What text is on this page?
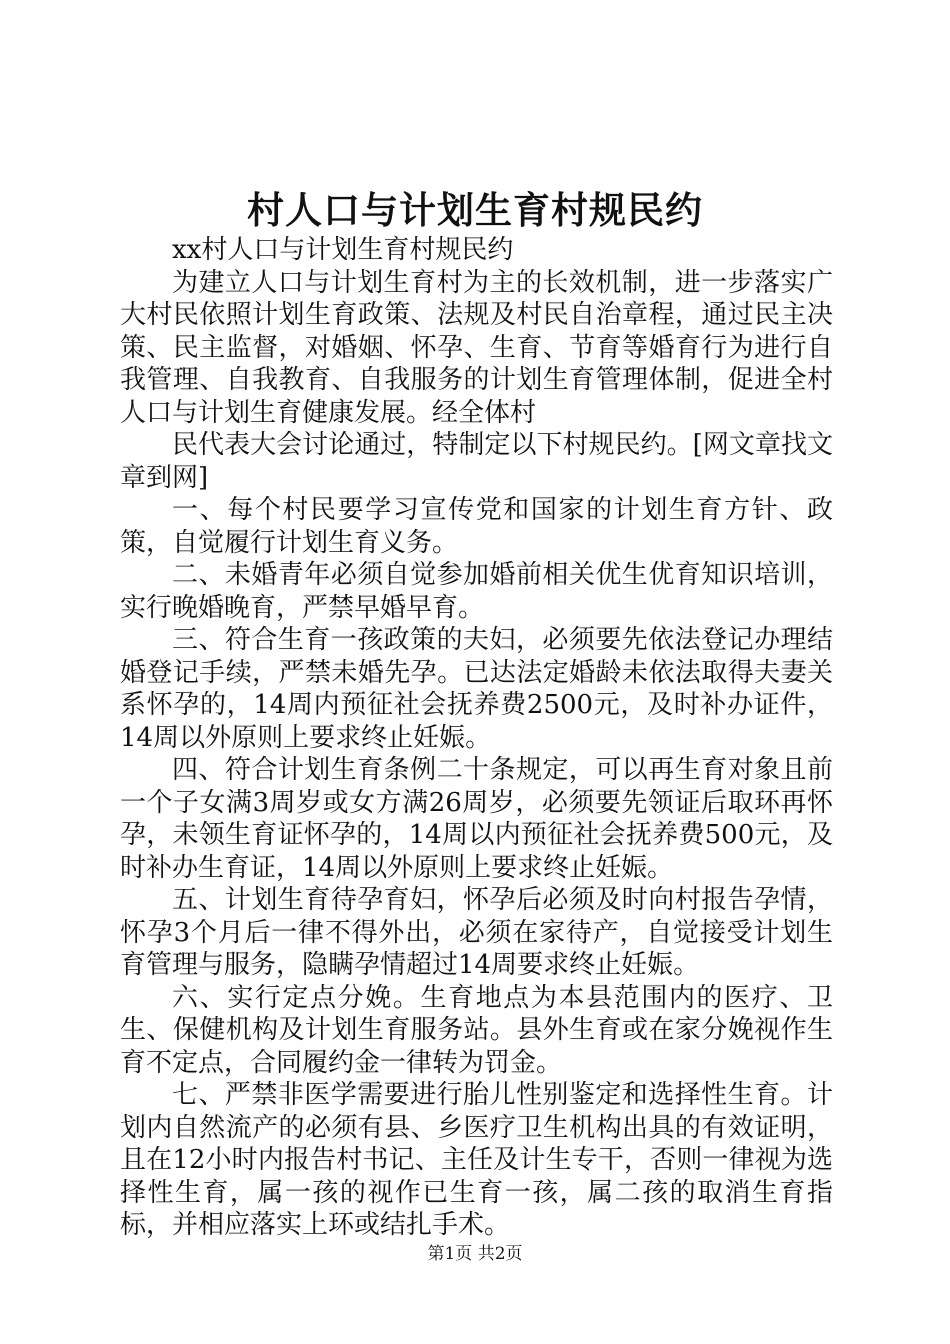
村人口与计划生育村规民约

xx村人口与计划生育村规民约

为建立人口与计划生育村为主的长效机制，进一步落实广大村民依照计划生育政策、法规及村民自治章程，通过民主决策、民主监督，对婚姻、怀孕、生育、节育等婚育行为进行自我管理、自我教育、自我服务的计划生育管理体制，促进全村人口与计划生育健康发展。经全体村

民代表大会讨论通过，特制定以下村规民约。[网文章找文章到网]

一、每个村民要学习宣传党和国家的计划生育方针、政策，自觉履行计划生育义务。

二、未婚青年必须自觉参加婚前相关优生优育知识培训，实行晚婚晚育，严禁早婚早育。

三、符合生育一孩政策的夫妇，必须要先依法登记办理结婚登记手续，严禁未婚先孕。已达法定婚龄未依法取得夫妻关系怀孕的，14周内预征社会抚养费2500元，及时补办证件，14周以外原则上要求终止妊娠。

四、符合计划生育条例二十条规定，可以再生育对象且前一个子女满3周岁或女方满26周岁，必须要先领证后取环再怀孕，未领生育证怀孕的，14周以内预征社会抚养费500元，及时补办生育证，14周以外原则上要求终止妊娠。

五、计划生育待孕育妇，怀孕后必须及时向村报告孕情，怀孕3个月后一律不得外出，必须在家待产，自觉接受计划生育管理与服务，隐瞒孕情超过14周要求终止妊娠。

六、实行定点分娩。生育地点为本县范围内的医疗、卫生、保健机构及计划生育服务站。县外生育或在家分娩视作生育不定点，合同履约金一律转为罚金。

七、严禁非医学需要进行胎儿性别鉴定和选择性生育。计划内自然流产的必须有县、乡医疗卫生机构出具的有效证明，且在12小时内报告村书记、主任及计生专干，否则一律视为选择性生育，属一孩的视作已生育一孩，属二孩的取消生育指标，并相应落实上环或结扎手术。

第1页 共2页
